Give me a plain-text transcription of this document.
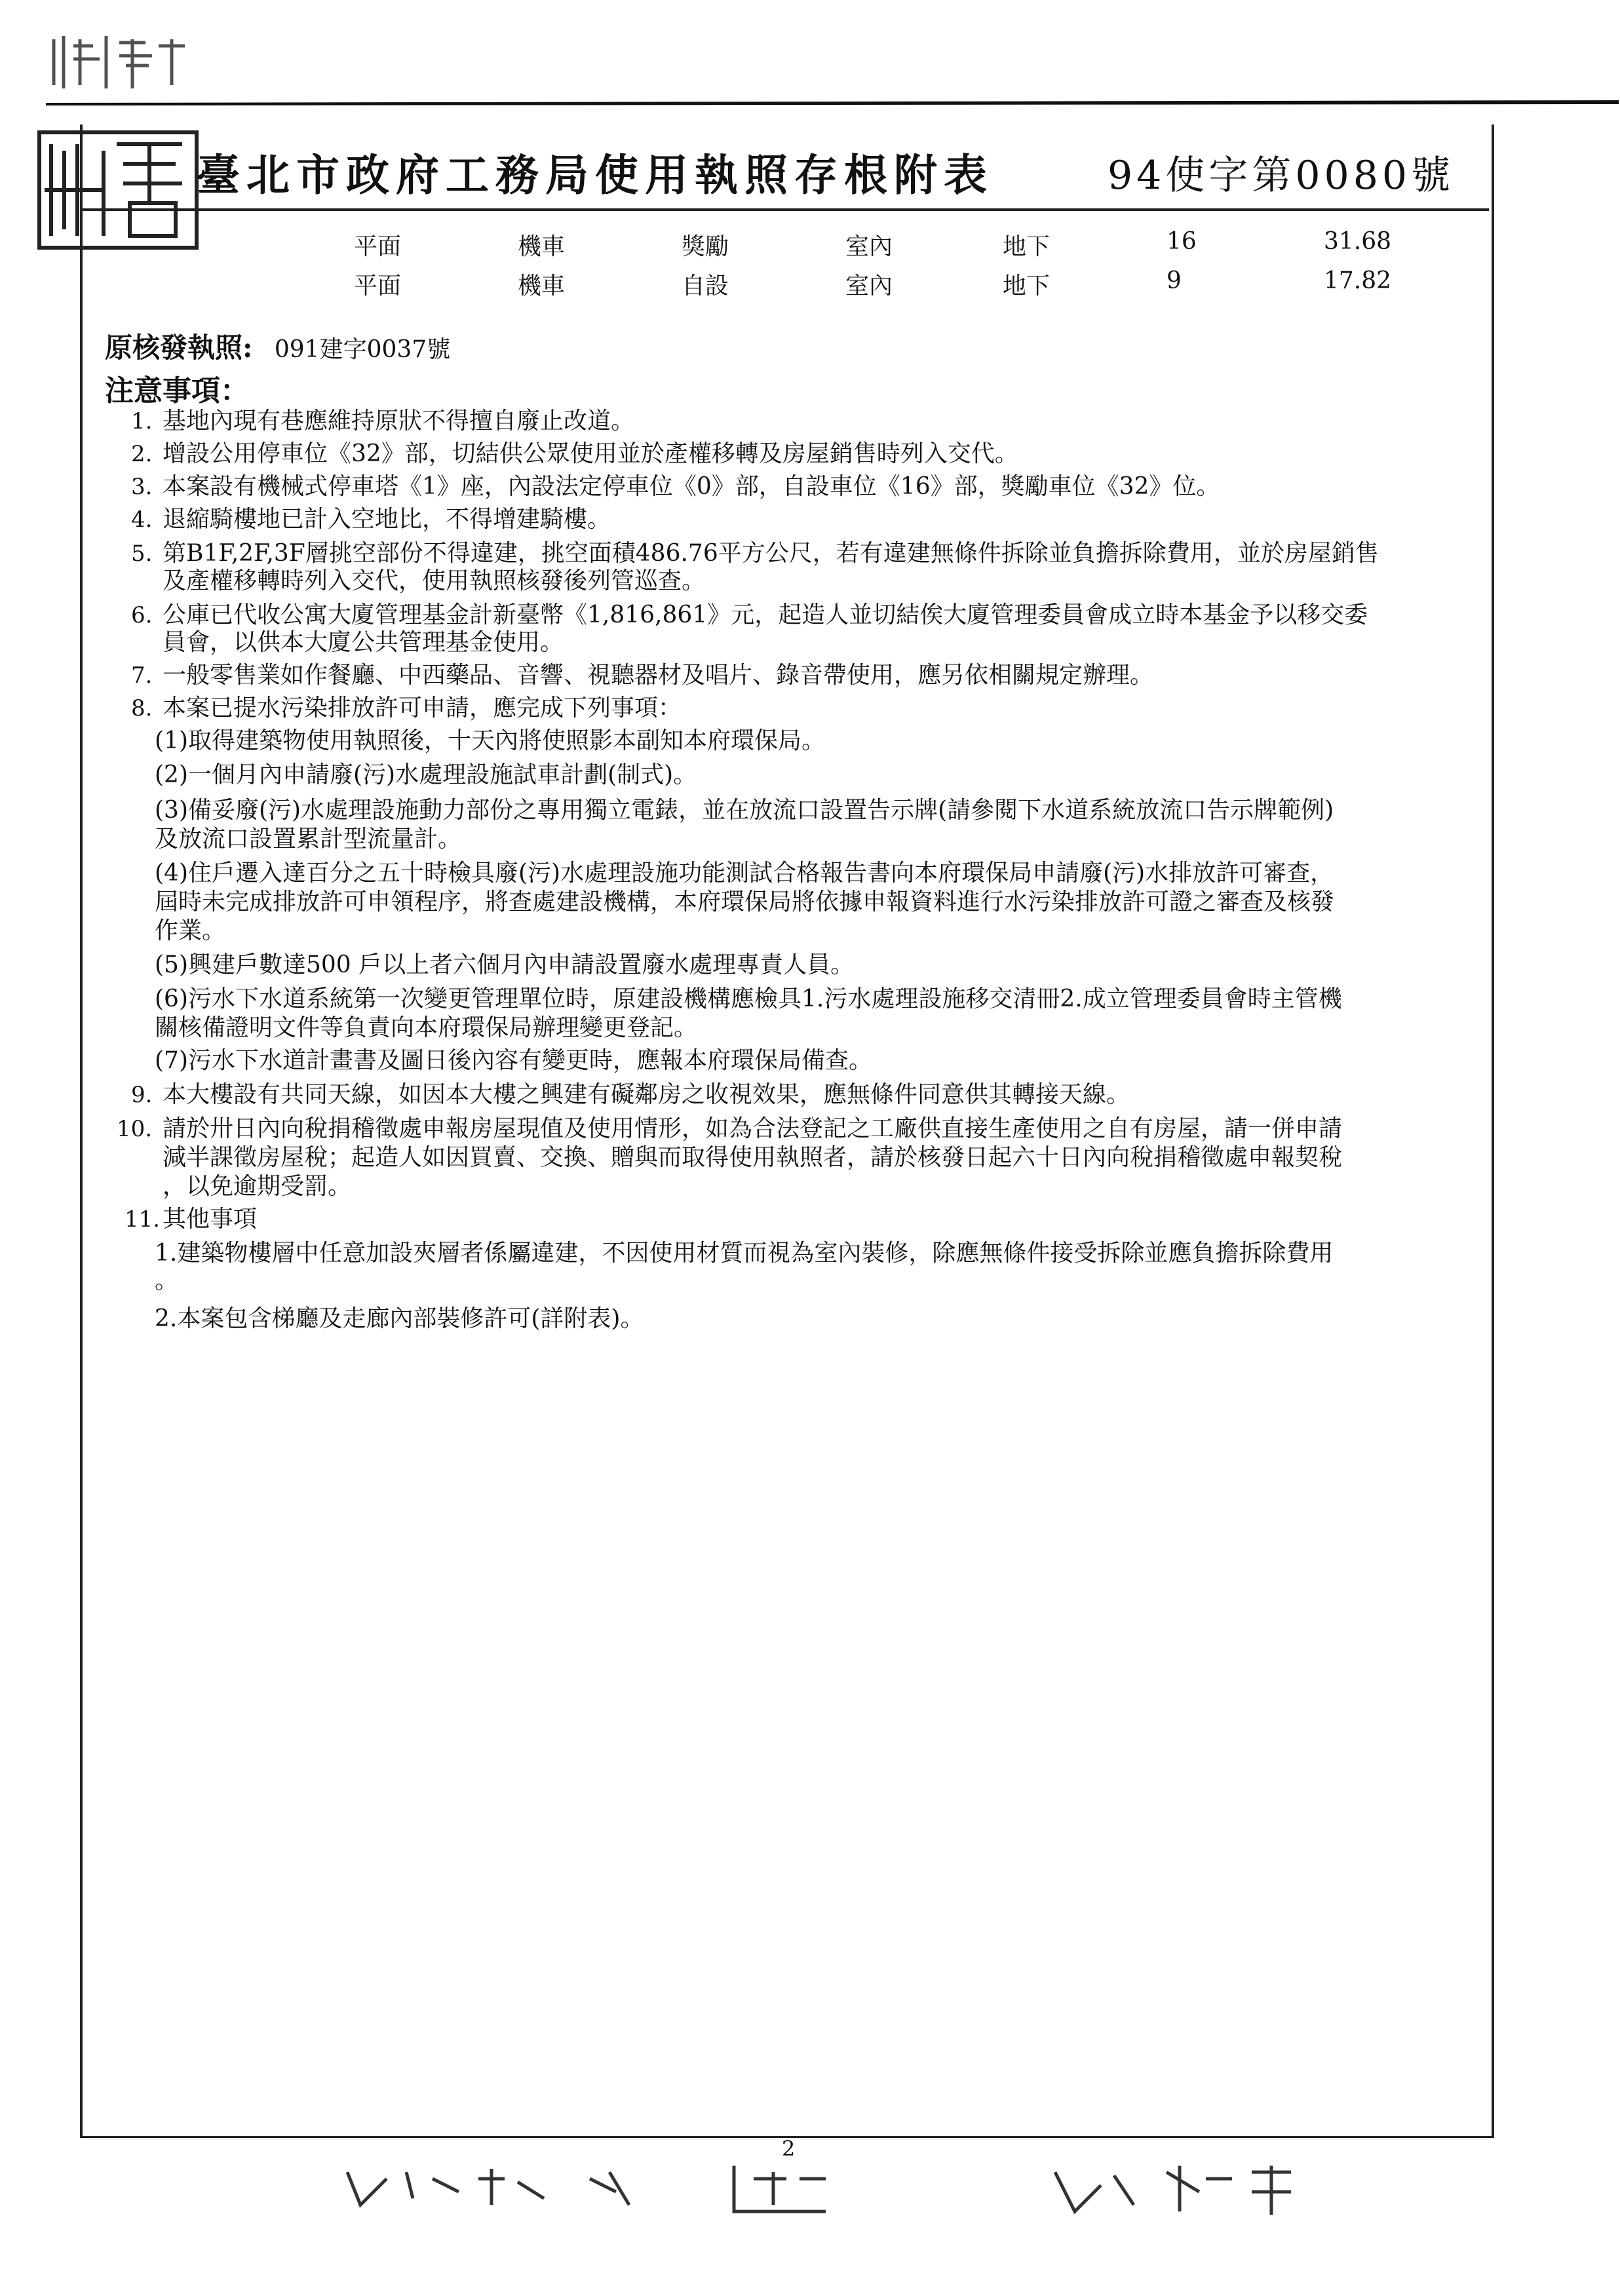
臺北市政府工務局使用執照存根附表	94使字第0080號
平面	機車	獎勵	室內	地下	16	31.68
平面	機車	自設	室內	地下	9	17.82
原核發執照: 091建字0037號
注意事項：
1. 基地內現有巷應維持原狀不得擅自廢止改道。
2. 增設公用停車位《32》部，切結供公眾使用並於產權移轉及房屋銷售時列入交代。
3. 本案設有機械式停車塔《1》座，內設法定停車位《0》部，自設車位《16》部，獎勵車位《32》位。
4. 退縮騎樓地已計入空地比，不得增建騎樓。
5. 第B1F,2F,3F層挑空部份不得違建，挑空面積486.76平方公尺，若有違建無條件拆除並負擔拆除費用，並於房屋銷售
及產權移轉時列入交代，使用執照核發後列管巡查。
6. 公庫已代收公寓大廈管理基金計新臺幣《1,816,861》元，起造人並切結俟大廈管理委員會成立時本基金予以移交委
員會，以供本大廈公共管理基金使用。
7. 一般零售業如作餐廳、中西藥品、音響、視聽器材及唱片、錄音帶使用，應另依相關規定辦理。
8. 本案已提水污染排放許可申請，應完成下列事項：
(1)取得建築物使用執照後，十天內將使照影本副知本府環保局。
(2)一個月內申請廢(污)水處理設施試車計劃(制式)。
(3)備妥廢(污)水處理設施動力部份之專用獨立電錶，並在放流口設置告示牌(請參閱下水道系統放流口告示牌範例)
及放流口設置累計型流量計。
(4)住戶遷入達百分之五十時檢具廢(污)水處理設施功能測試合格報告書向本府環保局申請廢(污)水排放許可審查，
屆時未完成排放許可申領程序，將查處建設機構，本府環保局將依據申報資料進行水污染排放許可證之審查及核發
作業。
(5)興建戶數達500 戶以上者六個月內申請設置廢水處理專責人員。
(6)污水下水道系統第一次變更管理單位時，原建設機構應檢具1.污水處理設施移交清冊2.成立管理委員會時主管機
關核備證明文件等負責向本府環保局辦理變更登記。
(7)污水下水道計畫書及圖日後內容有變更時，應報本府環保局備查。
9. 本大樓設有共同天線，如因本大樓之興建有礙鄰房之收視效果，應無條件同意供其轉接天線。
10. 請於卅日內向稅捐稽徵處申報房屋現值及使用情形，如為合法登記之工廠供直接生產使用之自有房屋，請一併申請
減半課徵房屋稅；起造人如因買賣、交換、贈與而取得使用執照者，請於核發日起六十日內向稅捐稽徵處申報契稅
，以免逾期受罰。
11. 其他事項
1.建築物樓層中任意加設夾層者係屬違建，不因使用材質而視為室內裝修，除應無條件接受拆除並應負擔拆除費用
。
2.本案包含梯廳及走廊內部裝修許可(詳附表)。
2
